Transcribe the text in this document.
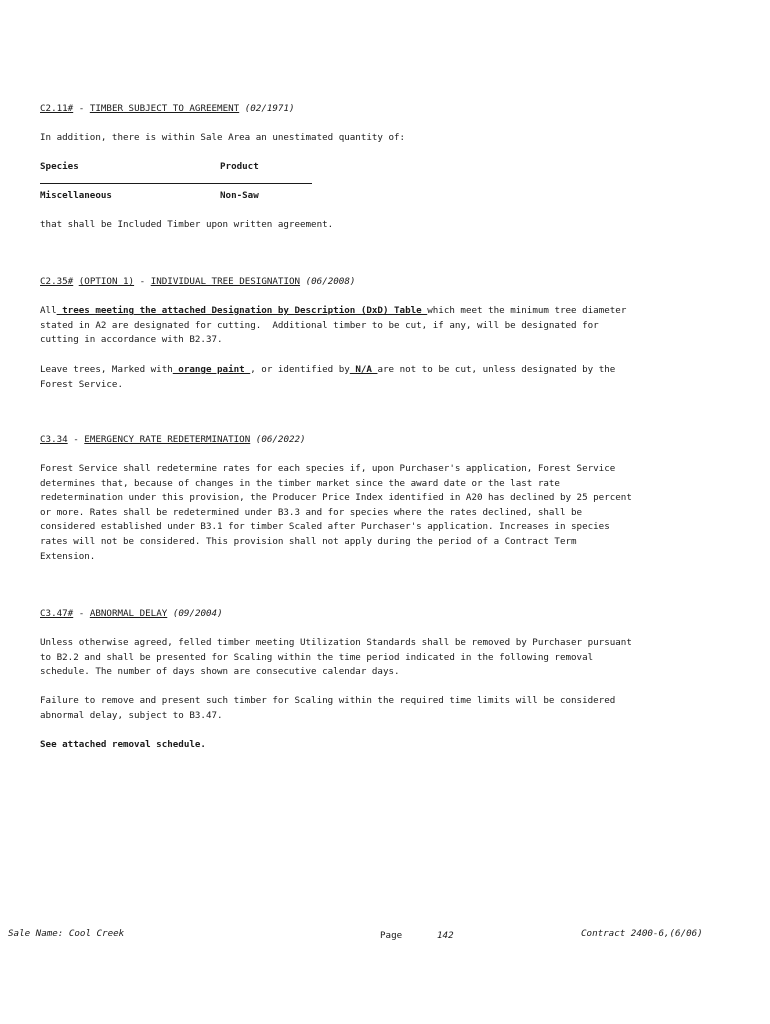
C2.11# - TIMBER SUBJECT TO AGREEMENT (02/1971)

In addition, there is within Sale Area an unestimated quantity of:

Species	Product
Miscellaneous	Non-Saw

that shall be Included Timber upon written agreement.

C2.35# (OPTION 1) - INDIVIDUAL TREE DESIGNATION (06/2008)
All trees meeting the attached Designation by Description (DxD) Table which meet the minimum tree diameter
stated in A2 are designated for cutting.  Additional timber to be cut, if any, will be designated for
cutting in accordance with B2.37.
Leave trees, Marked with orange paint , or identified by N/A are not to be cut, unless designated by the
Forest Service.
C3.34 - EMERGENCY RATE REDETERMINATION (06/2022)
Forest Service shall redetermine rates for each species if, upon Purchaser's application, Forest Service
determines that, because of changes in the timber market since the award date or the last rate
redetermination under this provision, the Producer Price Index identified in A20 has declined by 25 percent
or more. Rates shall be redetermined under B3.3 and for species where the rates declined, shall be
considered established under B3.1 for timber Scaled after Purchaser's application. Increases in species
rates will not be considered. This provision shall not apply during the period of a Contract Term
Extension.
C3.47# - ABNORMAL DELAY (09/2004)
Unless otherwise agreed, felled timber meeting Utilization Standards shall be removed by Purchaser pursuant
to B2.2 and shall be presented for Scaling within the time period indicated in the following removal
schedule. The number of days shown are consecutive calendar days.
Failure to remove and present such timber for Scaling within the required time limits will be considered
abnormal delay, subject to B3.47.

See attached removal schedule.

Sale Name: Cool Creek	Page	142	Contract 2400-6,(6/06)
